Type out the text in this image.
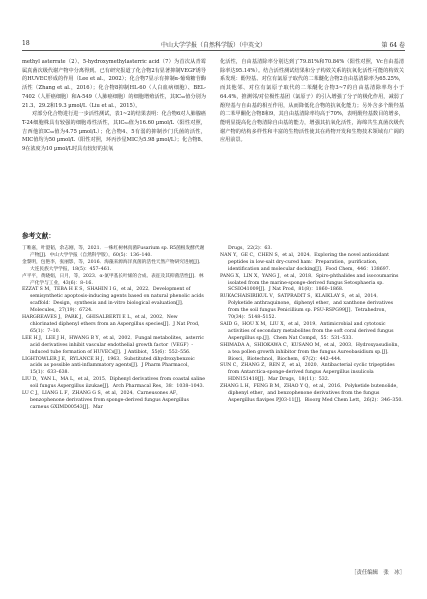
18	中山大学学报（自然科学版）（中英文）	第 64 卷

methyl asterrate（2）、5-hydroxymethylasterric acid（7）为首次从青霉属真菌次级代谢产物中分离得到。已有研究报道了化合物2有显著抑制VEGF诱导的HUVEC形成的作用（Lee et al.，2002）；化合物7显示有抑制α-葡萄糖苷酶活性（Zhang et al.，2016）；化合物8抑制HL-60（人白血病细胞）、BEL-7402（人肝癌细胞）和A-549（人肺癌细胞）的细胞增殖活性，其IC₅₀值分别为21.3、29.2和19.3 µmol/L（Liu et al.，2015）。

对部分化合物进行进一步活性测试，表1~2的结果表明：化合物6对人肺腺癌T-24细胞株具有较强的细胞毒性活性，其IC₅₀值为16.60 µmol/L（阳性对照，吉西他滨IC₅₀值为4.75 µmol/L）；化合物4、5有弱的抑制沙门氏菌的活性，MIC值均为50 µmol/L（阳性对照，环丙沙星MIC为5.98 µmol/L）；化合物8、9在浓度为10 µmol/L时具有较好的抗氧

化活性，自由基清除率分别达到了79.81%和70.84%（阳性对照，Vc自由基清除率达95.14%）。结合活性测试结果和分子构效关系的抗氧化活性可能的构效关系发现：酚羟基、对位有氯原子取代的二苯醚化合物2自由基清除率为65.25%，而其他邻、对位有氯原子取代的二苯醚化合物3~7的自由基清除率均小于64.4%，推测邻/对位极性基团（氯原子）的引入增强了分子的极化作用，减弱了酚羟基与自由基的相互作用，从而降低化合物的抗氧化能力；另外含多个酚羟基的二苯甲酮化合物8和9，其自由基清除率均高于70%，表明酚羟基数目的增多，能明显提高化合物清除自由基的能力，增强其抗氧化活性，海绵共生真菌次级代谢产物的结构多样性和丰富的生物活性使其在药物开发和生物技术领域有广阔的应用前景。

参考文献：

丁唯嘉，叶澄韬，余志刚，等，2021．一株红树林真菌Fusarium sp. R5菌根发酵代谢产物[J]．中山大学学报（自然科学版），60(5)：136–140.

金黎明，包艳李，张丽影，等，2016．海藻来源海洋真菌的活性天然产物研究进展[J]．大连民族大学学报，18(5)：457–461.

卢平平，黄晓娟，日月，等，2023．α-氯甲基长叶烯的合成、表征及其抑菌活性[J]．林产化学与工业，43(6)：8–16.

EZZAT S M，TEBA H E S，SHAHIN I G，et al，2022．Development of semisynthetic apoptosis-inducing agents based on natural phenolic acids scaffold：Design，synthesis and in-vitro biological evaluation[J]．Molecules，27(19)：6724.

HARGREAVES J，PARK J，GHISALBERTI E L，et al，2002．New chlorinated diphenyl ethers from an Aspergillus species[J]．J Nat Prod，65(1)：7–10.

LEE H J，LEE J H，HWANG B Y，et al，2002．Fungal metabolites，asterric acid derivatives inhibit vascular endothelial growth factor（VEGF）-induced tube formation of HUVECs[J]．J Antibiot，55(6)：552–556.

LIGHTOWLER J E，RYLANCE H J，1963．Substituted dihydroxybenzoic acids as possible anti-inflammatory agents[J]．J Pharm Pharmacol，15(1)：633–638.

LIU D，YAN L，MA L，et al，2015．Diphenyl derivatives from coastal saline soil fungus Aspergillus iizukae[J]．Arch Pharmacal Res，38：1038–1043.

LU C J，LIANG L F，ZHANG G S，et al，2024．Carneusones AF，benzophenone derivatives from sponge-derived fungus Aspergillus carneus GXIMD00543[J]．Mar

Drugs，22(2)：63.

NAN Y，GE C，CHEN S，et al，2024．Exploring the novel antioxidant peptides in low-salt dry-cured ham：Preparation，purification，identification and molecular docking[J]．Food Chem，446：138697.

PANG X，LIN X，YANG J，et al，2018．Spiro-phthalides and isocoumarins isolated from the marine-sponge-derived fungus Setosphaeria sp. SCSIO41009[J]．J Nat Prod，81(8)：1860–1868.

RUKACHAISIRIKUL V，SATPRADIT S，KLAIKLAY S，et al，2014．Polyketide anthraquinone，diphenyl ether，and xanthone derivatives from the soil fungus Penicillium sp. PSU-RSPG99[J]．Tetrahedron，70(34)：5148–5152.

SAID G，HOU X M，LIU X，et al，2019．Antimicrobial and cytotoxic activities of secondary metabolites from the soft coral derived fungus Aspergillus sp.[J]．Chem Nat Compd，55：531–533.

SHIMADA A，SHIOKAWA C，KUSANO M，et al，2003．Hydroxyasudiolin，a tea pollen growth inhibitor from the fungus Aureobasidium sp.[J]．Biosci，Biotechnol，Biochem，67(2)：442–444.

SUN C，ZHANG Z，REN Z，et al，2020．Antibacterial cyclic tripeptides from Antarctica-sponge-derived fungus Aspergillus insulicola HDN151418[J]．Mar Drugs，18(11)：532.

ZHANG L H，FENG B M，ZHAO Y Q，et al，2016．Polyketide butenolide，diphenyl ether，and benzophenone derivatives from the fungus Aspergillus flavipes PJ03-11[J]．Bioorg Med Chem Lett，26(2)：346–350.

［责任编辑　张　冰］
